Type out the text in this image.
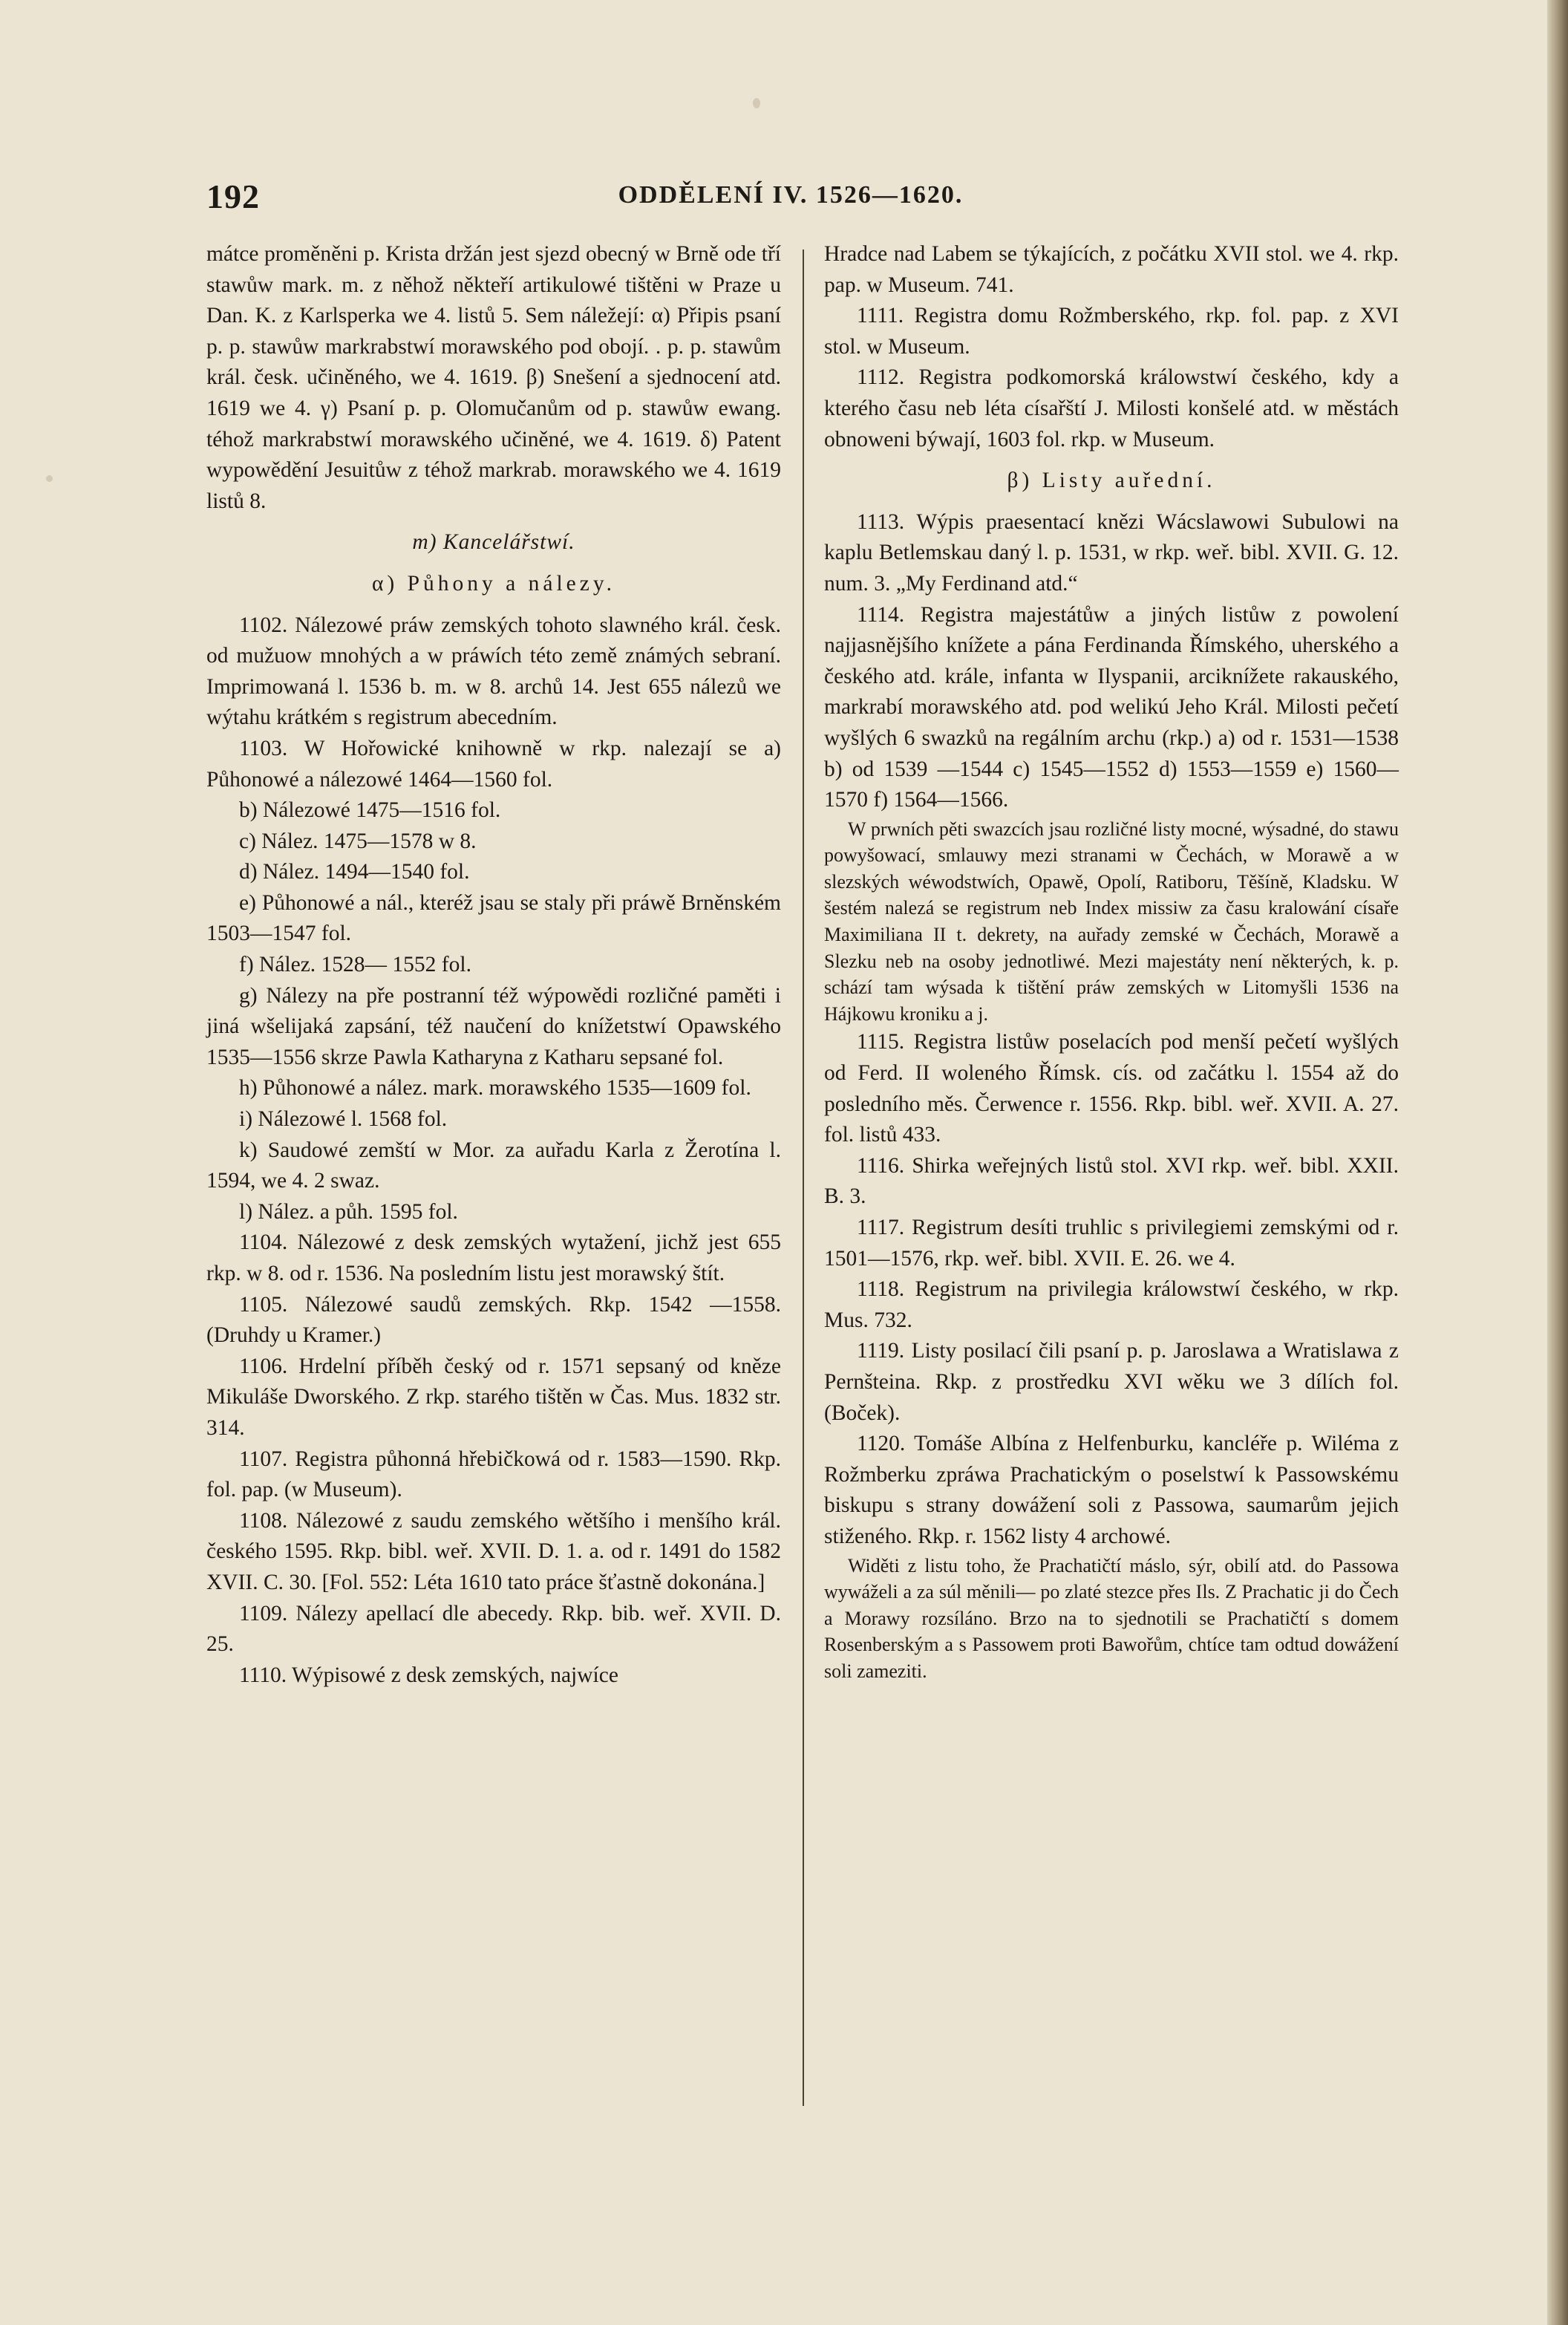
192	ODDĚLENÍ IV. 1526—1620.

mátce proměněni p. Krista držán jest sjezd obecný w Brně ode tří stawůw mark. m. z něhož někteří artikulowé tištěni w Praze u Dan. K. z Karlsperka we 4. listů 5. Sem náležejí: α) Připis psaní p. p. stawůw markrabstwí morawského pod obojí. . p. p. stawům král. česk. učiněného, we 4. 1619. β) Snešení a sjednocení atd. 1619 we 4. γ) Psaní p. p. Olomučanům od p. stawůw ewang. téhož markrabstwí morawského učiněné, we 4. 1619. δ) Patent wypowědění Jesuitůw z téhož markrab. morawského we 4. 1619 listů 8.

m) Kancelářstwí.

α) Půhony a nálezy.

1102. Nálezowé práw zemských tohoto slawného král. česk. od mužuow mnohých a w práwích této země známých sebraní. Imprimowaná l. 1536 b. m. w 8. archů 14. Jest 655 nálezů we wýtahu krátkém s registrum abecedním.

1103. W Hořowické knihowně w rkp. nalezají se a) Půhonowé a nálezowé 1464—1560 fol.

b) Nálezowé 1475—1516 fol.

c) Nález. 1475—1578 w 8.

d) Nález. 1494—1540 fol.

e) Půhonowé a nál., kteréž jsau se staly při práwě Brněnském 1503—1547 fol.

f) Nález. 1528— 1552 fol.

g) Nálezy na pře postranní též wýpowědi rozličné paměti i jiná wšelijaká zapsání, též naučení do knížetstwí Opawského 1535—1556 skrze Pawla Katharyna z Katharu sepsané fol.

h) Půhonowé a nález. mark. morawského 1535—1609 fol.

i) Nálezowé l. 1568 fol.

k) Saudowé zemští w Mor. za auřadu Karla z Žerotína l. 1594, we 4. 2 swaz.

l) Nález. a půh. 1595 fol.

1104. Nálezowé z desk zemských wytažení, jichž jest 655 rkp. w 8. od r. 1536. Na posledním listu jest morawský štít.

1105. Nálezowé saudů zemských. Rkp. 1542 —1558. (Druhdy u Kramer.)

1106. Hrdelní příběh český od r. 1571 sepsaný od kněze Mikuláše Dworského. Z rkp. starého tištěn w Čas. Mus. 1832 str. 314.

1107. Registra půhonná hřebičkowá od r. 1583—1590. Rkp. fol. pap. (w Museum).

1108. Nálezowé z saudu zemského wětšího i menšího král. českého 1595. Rkp. bibl. weř. XVII. D. 1. a. od r. 1491 do 1582 XVII. C. 30. [Fol. 552: Léta 1610 tato práce šťastně dokonána.]

1109. Nálezy apellací dle abecedy. Rkp. bib. weř. XVII. D. 25.

1110. Wýpisowé z desk zemských, najwíce

Hradce nad Labem se týkajících, z počátku XVII stol. we 4. rkp. pap. w Museum. 741.

1111. Registra domu Rožmberského, rkp. fol. pap. z XVI stol. w Museum.

1112. Registra podkomorská králowstwí českého, kdy a kterého času neb léta císařští J. Milosti konšelé atd. w městách obnoweni býwají, 1603 fol. rkp. w Museum.

β) Listy auřední.

1113. Wýpis praesentací knězi Wácslawowi Subulowi na kaplu Betlemskau daný l. p. 1531, w rkp. weř. bibl. XVII. G. 12. num. 3. „My Ferdinand atd.“

1114. Registra majestátůw a jiných listůw z powolení najjasnějšího knížete a pána Ferdinanda Římského, uherského a českého atd. krále, infanta w Ilyspanii, arciknížete rakauského, markrabí morawského atd. pod welikú Jeho Král. Milosti pečetí wyšlých 6 swazků na regálním archu (rkp.) a) od r. 1531—1538 b) od 1539 —1544 c) 1545—1552 d) 1553—1559 e) 1560—1570 f) 1564—1566.

W prwních pěti swazcích jsau rozličné listy mocné, wýsadné, do stawu powyšowací, smlauwy mezi stranami w Čechách, w Morawě a w slezských wéwodstwích, Opawě, Opolí, Ratiboru, Těšíně, Kladsku. W šestém nalezá se registrum neb Index missiw za času kralowání císaře Maximiliana II t. dekrety, na auřady zemské w Čechách, Morawě a Slezku neb na osoby jednotliwé. Mezi majestáty není některých, k. p. schází tam wýsada k tištění práw zemských w Litomyšli 1536 na Hájkowu kroniku a j.

1115. Registra listůw poselacích pod menší pečetí wyšlých od Ferd. II woleného Římsk. cís. od začátku l. 1554 až do posledního měs. Čerwence r. 1556. Rkp. bibl. weř. XVII. A. 27. fol. listů 433.

1116. Shirka weřejných listů stol. XVI rkp. weř. bibl. XXII. B. 3.

1117. Registrum desíti truhlic s privilegiemi zemskými od r. 1501—1576, rkp. weř. bibl. XVII. E. 26. we 4.

1118. Registrum na privilegia králowstwí českého, w rkp. Mus. 732.

1119. Listy posilací čili psaní p. p. Jaroslawa a Wratislawa z Pernšteina. Rkp. z prostředku XVI wěku we 3 dílích fol. (Boček).

1120. Tomáše Albína z Helfenburku, kancléře p. Wiléma z Rožmberku zpráwa Prachatickým o poselstwí k Passowskému biskupu s strany dowážení soli z Passowa, saumarům jejich stiženého. Rkp. r. 1562 listy 4 archowé.

Widěti z listu toho, že Prachatičtí máslo, sýr, obilí atd. do Passowa wywáželi a za súl měnili— po zlaté stezce přes Ils. Z Prachatic ji do Čech a Morawy rozsíláno. Brzo na to sjednotili se Prachatičtí s domem Rosenberským a s Passowem proti Bawořům, chtíce tam odtud dowážení soli zameziti.
